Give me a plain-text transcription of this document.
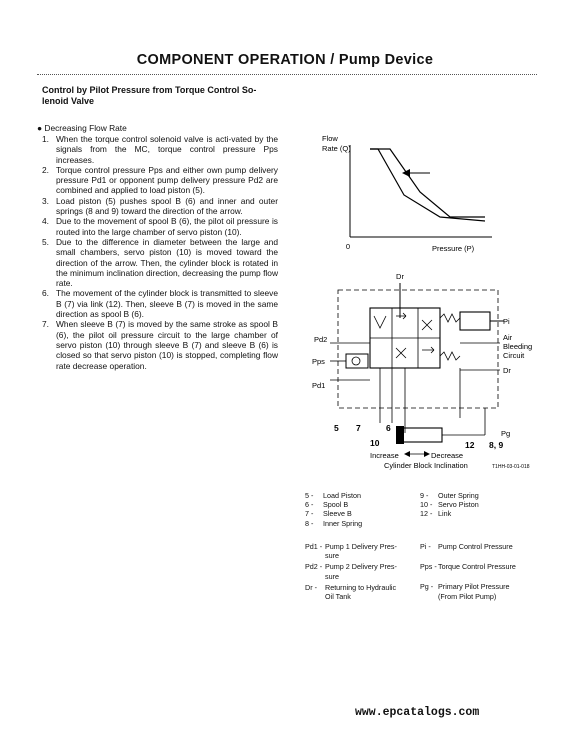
COMPONENT OPERATION / Pump Device
Control by Pilot Pressure from Torque Control So-lenoid Valve
● Decreasing Flow Rate
1. When the torque control solenoid valve is acti-vated by the signals from the MC, torque control pressure Pps increases.
2. Torque control pressure Pps and either own pump delivery pressure Pd1 or opponent pump delivery pressure Pd2 are combined and applied to load piston (5).
3. Load piston (5) pushes spool B (6) and inner and outer springs (8 and 9) toward the direction of the arrow.
4. Due to the movement of spool B (6), the pilot oil pressure is routed into the large chamber of servo piston (10).
5. Due to the difference in diameter between the large and small chambers, servo piston (10) is moved toward the direction of the arrow. Then, the cylinder block is rotated in the minimum inclination direction, decreasing the pump flow rate.
6. The movement of the cylinder block is transmitted to sleeve B (7) via link (12). Then, sleeve B (7) is moved in the same direction as spool B (6).
7. When sleeve B (7) is moved by the same stroke as spool B (6), the pilot oil pressure circuit to the large chamber of servo piston (10) through sleeve B (7) and sleeve B (6) is closed so that servo piston (10) is stopped, completing flow rate decrease operation.
Flow
Rate (Q)
0	Pressure (P)
Dr
Pd2
Pps
Pd1
Pi
Air
Bleeding
Circuit
Dr
Pg
5 7	6
10	12 8, 9
Increase	Decrease
Cylinder Block Inclination	T1HH-03-01-018
5 - Load Piston
6 - Spool B
7 - Sleeve B
8 - Inner Spring
9 - Outer Spring
10 - Servo Piston
12 - Link
Pd1 - Pump 1 Delivery Pres-
sure
Pd2 - Pump 2 Delivery Pres-
sure
Dr - Returning to Hydraulic
Oil Tank
Pi - Pump Control Pressure
Pps -Torque Control Pressure
Pg - Primary Pilot Pressure
(From Pilot Pump)
www.epcatalogs.com
